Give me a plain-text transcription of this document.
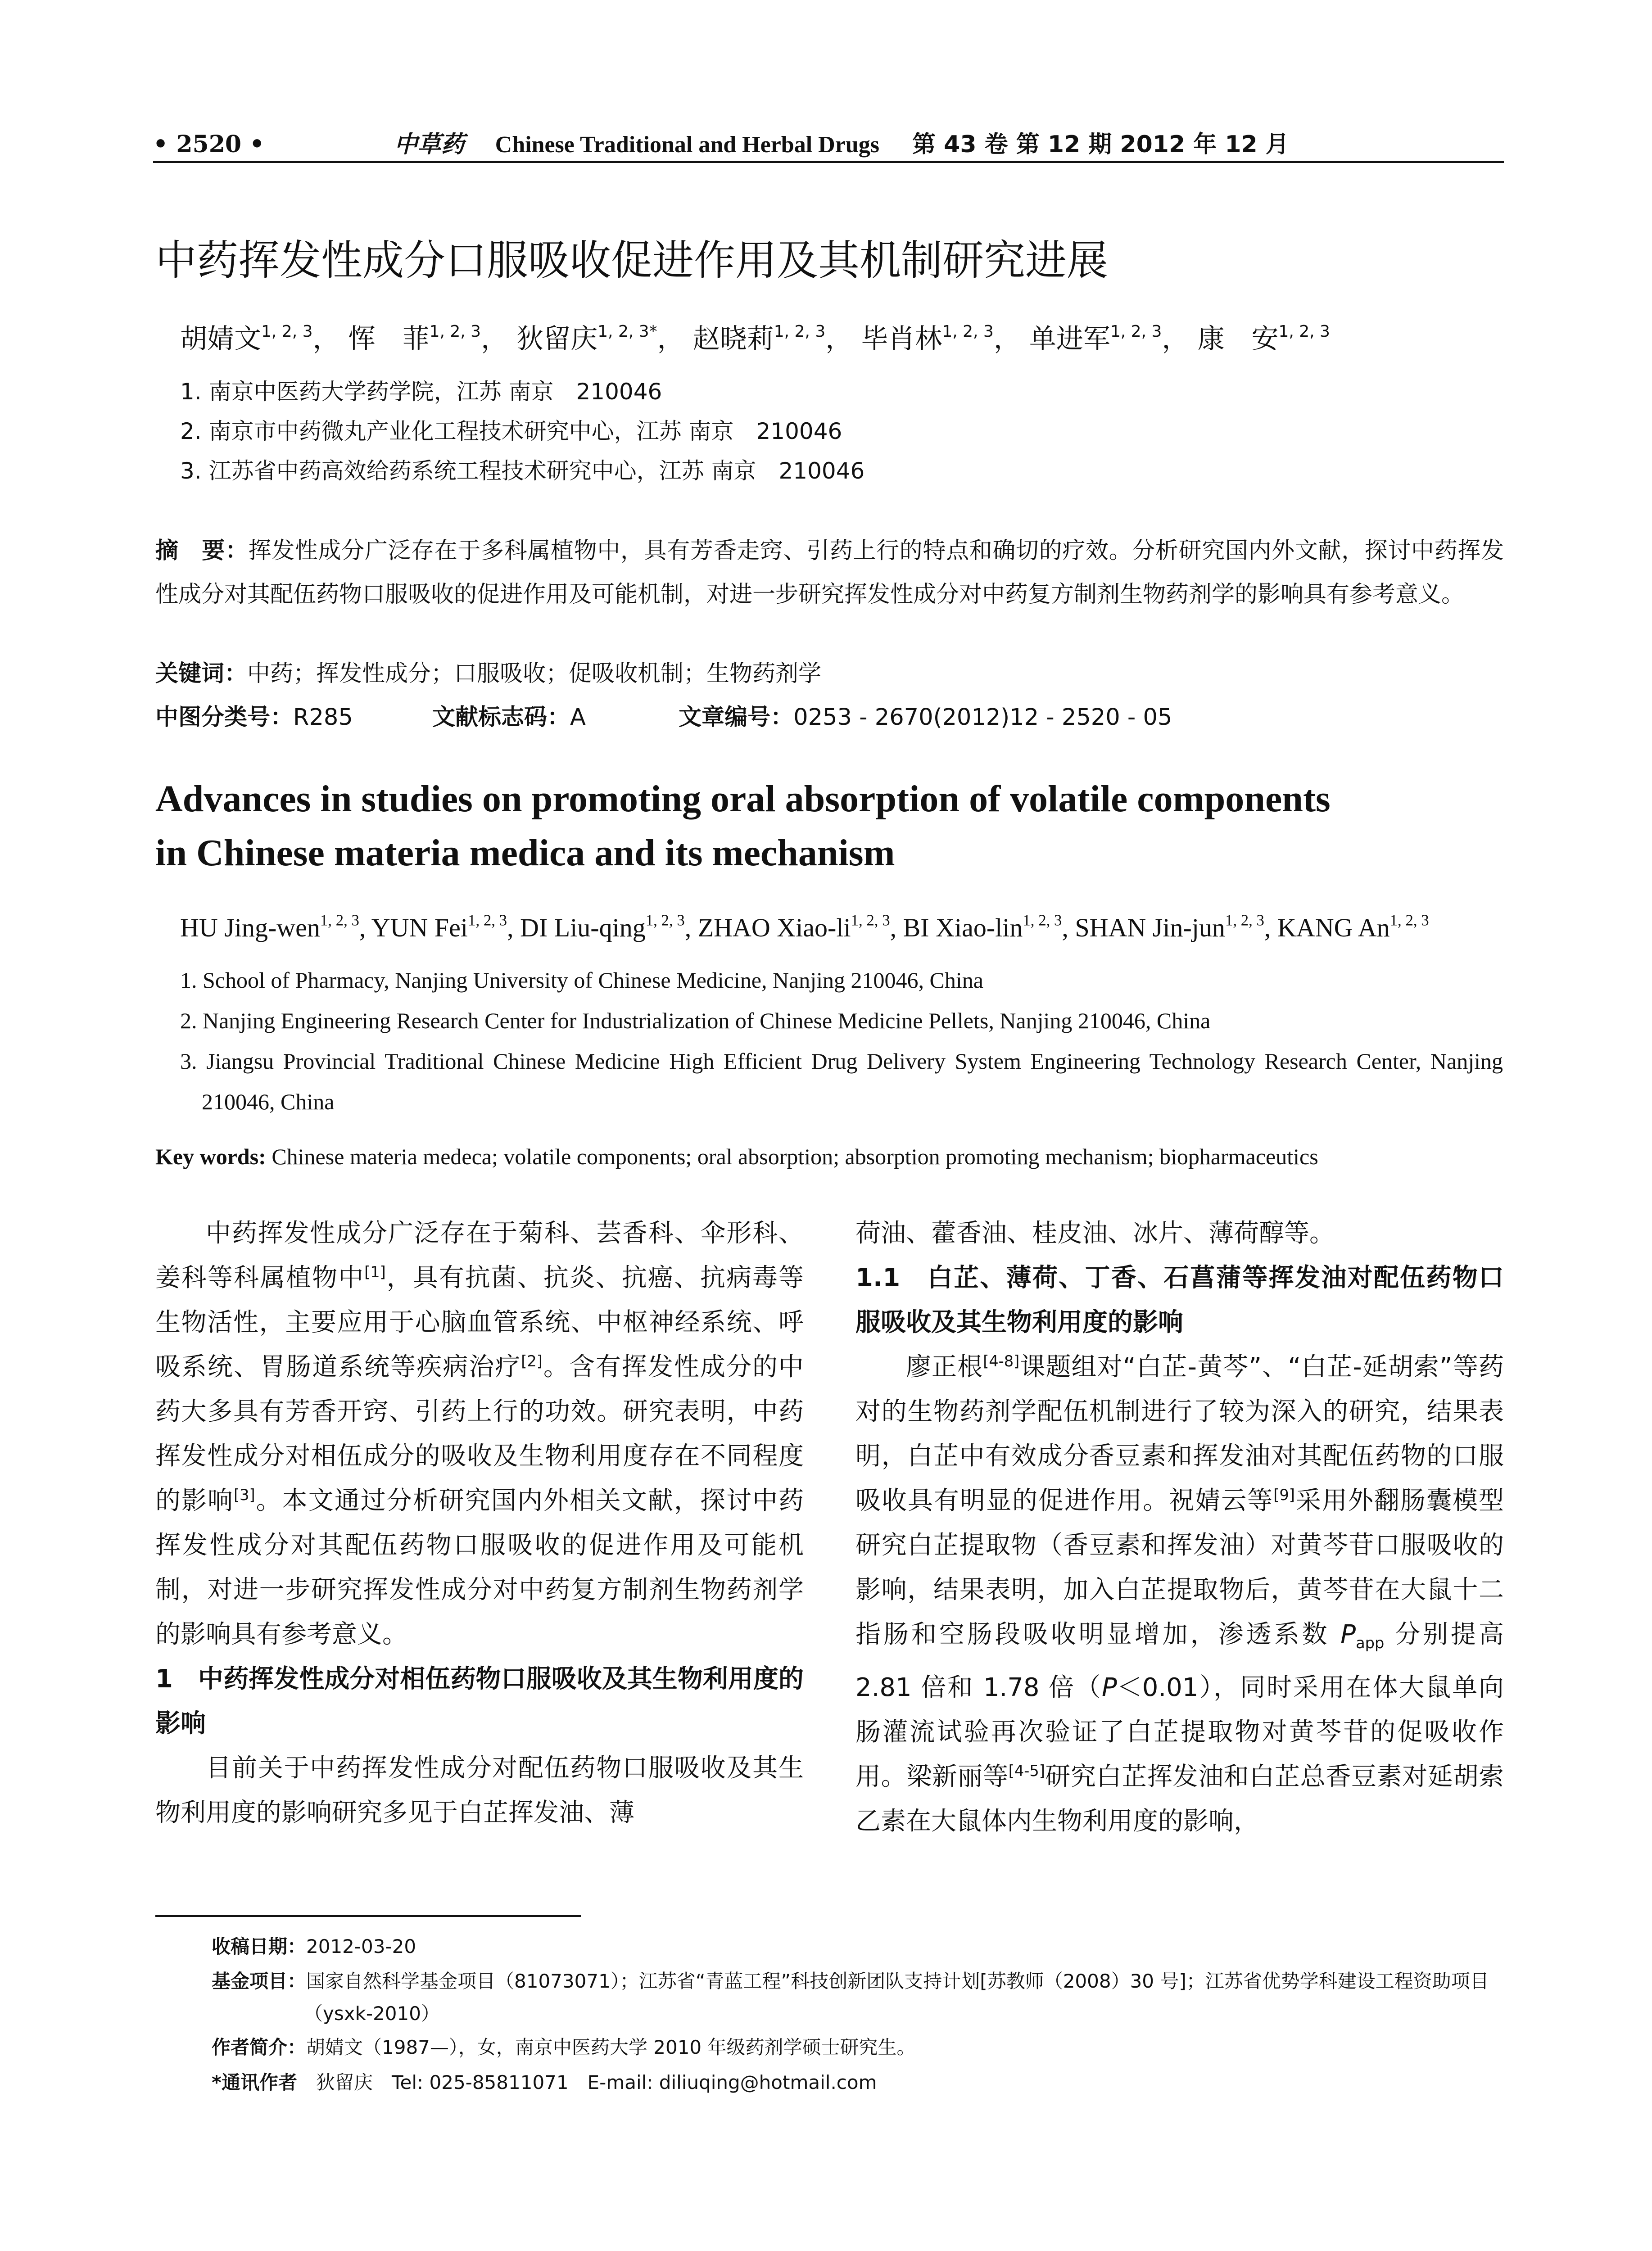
• 2520 •	中草药 Chinese Traditional and Herbal Drugs 第 43 卷 第 12 期 2012 年 12 月
中药挥发性成分口服吸收促进作用及其机制研究进展
胡婧文$^{1, 2, 3}$， 恽　菲$^{1, 2, 3}$， 狄留庆$^{1, 2, 3*}$， 赵晓莉$^{1, 2, 3}$， 毕肖林$^{1, 2, 3}$， 单进军$^{1, 2, 3}$， 康　安$^{1, 2, 3}$
1. 南京中医药大学药学院，江苏 南京　210046
2. 南京市中药微丸产业化工程技术研究中心，江苏 南京　210046
3. 江苏省中药高效给药系统工程技术研究中心，江苏 南京　210046
摘　要：挥发性成分广泛存在于多科属植物中，具有芳香走窍、引药上行的特点和确切的疗效。分析研究国内外文献，探讨中药挥发性成分对其配伍药物口服吸收的促进作用及可能机制，对进一步研究挥发性成分对中药复方制剂生物药剂学的影响具有参考意义。
关键词：中药；挥发性成分；口服吸收；促吸收机制；生物药剂学
中图分类号：R285	文献标志码：A	文章编号：0253 - 2670(2012)12 - 2520 - 05
Advances in studies on promoting oral absorption of volatile components
in Chinese materia medica and its mechanism
HU Jing-wen$^{1, 2, 3}$, YUN Fei$^{1, 2, 3}$, DI Liu-qing$^{1, 2, 3}$, ZHAO Xiao-li$^{1, 2, 3}$, BI Xiao-lin$^{1, 2, 3}$, SHAN Jin-jun$^{1, 2, 3}$, KANG An$^{1, 2, 3}$
1. School of Pharmacy, Nanjing University of Chinese Medicine, Nanjing 210046, China
2. Nanjing Engineering Research Center for Industrialization of Chinese Medicine Pellets, Nanjing 210046, China
3. Jiangsu Provincial Traditional Chinese Medicine High Efficient Drug Delivery System Engineering Technology Research Center, Nanjing 210046, China
Key words: Chinese materia medeca; volatile components; oral absorption; absorption promoting mechanism; biopharmaceutics

中药挥发性成分广泛存在于菊科、芸香科、伞形科、姜科等科属植物中[1]，具有抗菌、抗炎、抗癌、抗病毒等生物活性，主要应用于心脑血管系统、中枢神经系统、呼吸系统、胃肠道系统等疾病治疗[2]。含有挥发性成分的中药大多具有芳香开窍、引药上行的功效。研究表明，中药挥发性成分对相伍成分的吸收及生物利用度存在不同程度的影响[3]。本文通过分析研究国内外相关文献，探讨中药挥发性成分对其配伍药物口服吸收的促进作用及可能机制，对进一步研究挥发性成分对中药复方制剂生物药剂学的影响具有参考意义。

1　中药挥发性成分对相伍药物口服吸收及其生物利用度的影响

目前关于中药挥发性成分对配伍药物口服吸收及其生物利用度的影响研究多见于白芷挥发油、薄

荷油、藿香油、桂皮油、冰片、薄荷醇等。

1.1　白芷、薄荷、丁香、石菖蒲等挥发油对配伍药物口服吸收及其生物利用度的影响

廖正根[4-8]课题组对“白芷-黄芩”、“白芷-延胡索”等药对的生物药剂学配伍机制进行了较为深入的研究，结果表明，白芷中有效成分香豆素和挥发油对其配伍药物的口服吸收具有明显的促进作用。祝婧云等[9]采用外翻肠囊模型研究白芷提取物（香豆素和挥发油）对黄芩苷口服吸收的影响，结果表明，加入白芷提取物后，黄芩苷在大鼠十二指肠和空肠段吸收明显增加，渗透系数 $P_{app}$ 分别提高 2.81 倍和 1.78 倍（P＜0.01），同时采用在体大鼠单向肠灌流试验再次验证了白芷提取物对黄芩苷的促吸收作用。梁新丽等[4-5]研究白芷挥发油和白芷总香豆素对延胡索乙素在大鼠体内生物利用度的影响，

收稿日期：2012-03-20
基金项目：国家自然科学基金项目（81073071）；江苏省“青蓝工程”科技创新团队支持计划[苏教师（2008）30 号]；江苏省优势学科建设工程资助项目（ysxk-2010）
作者简介：胡婧文（1987—），女，南京中医药大学 2010 年级药剂学硕士研究生。
*通讯作者　 狄留庆　Tel: 025-85811071　E-mail: diliuqing@hotmail.com
